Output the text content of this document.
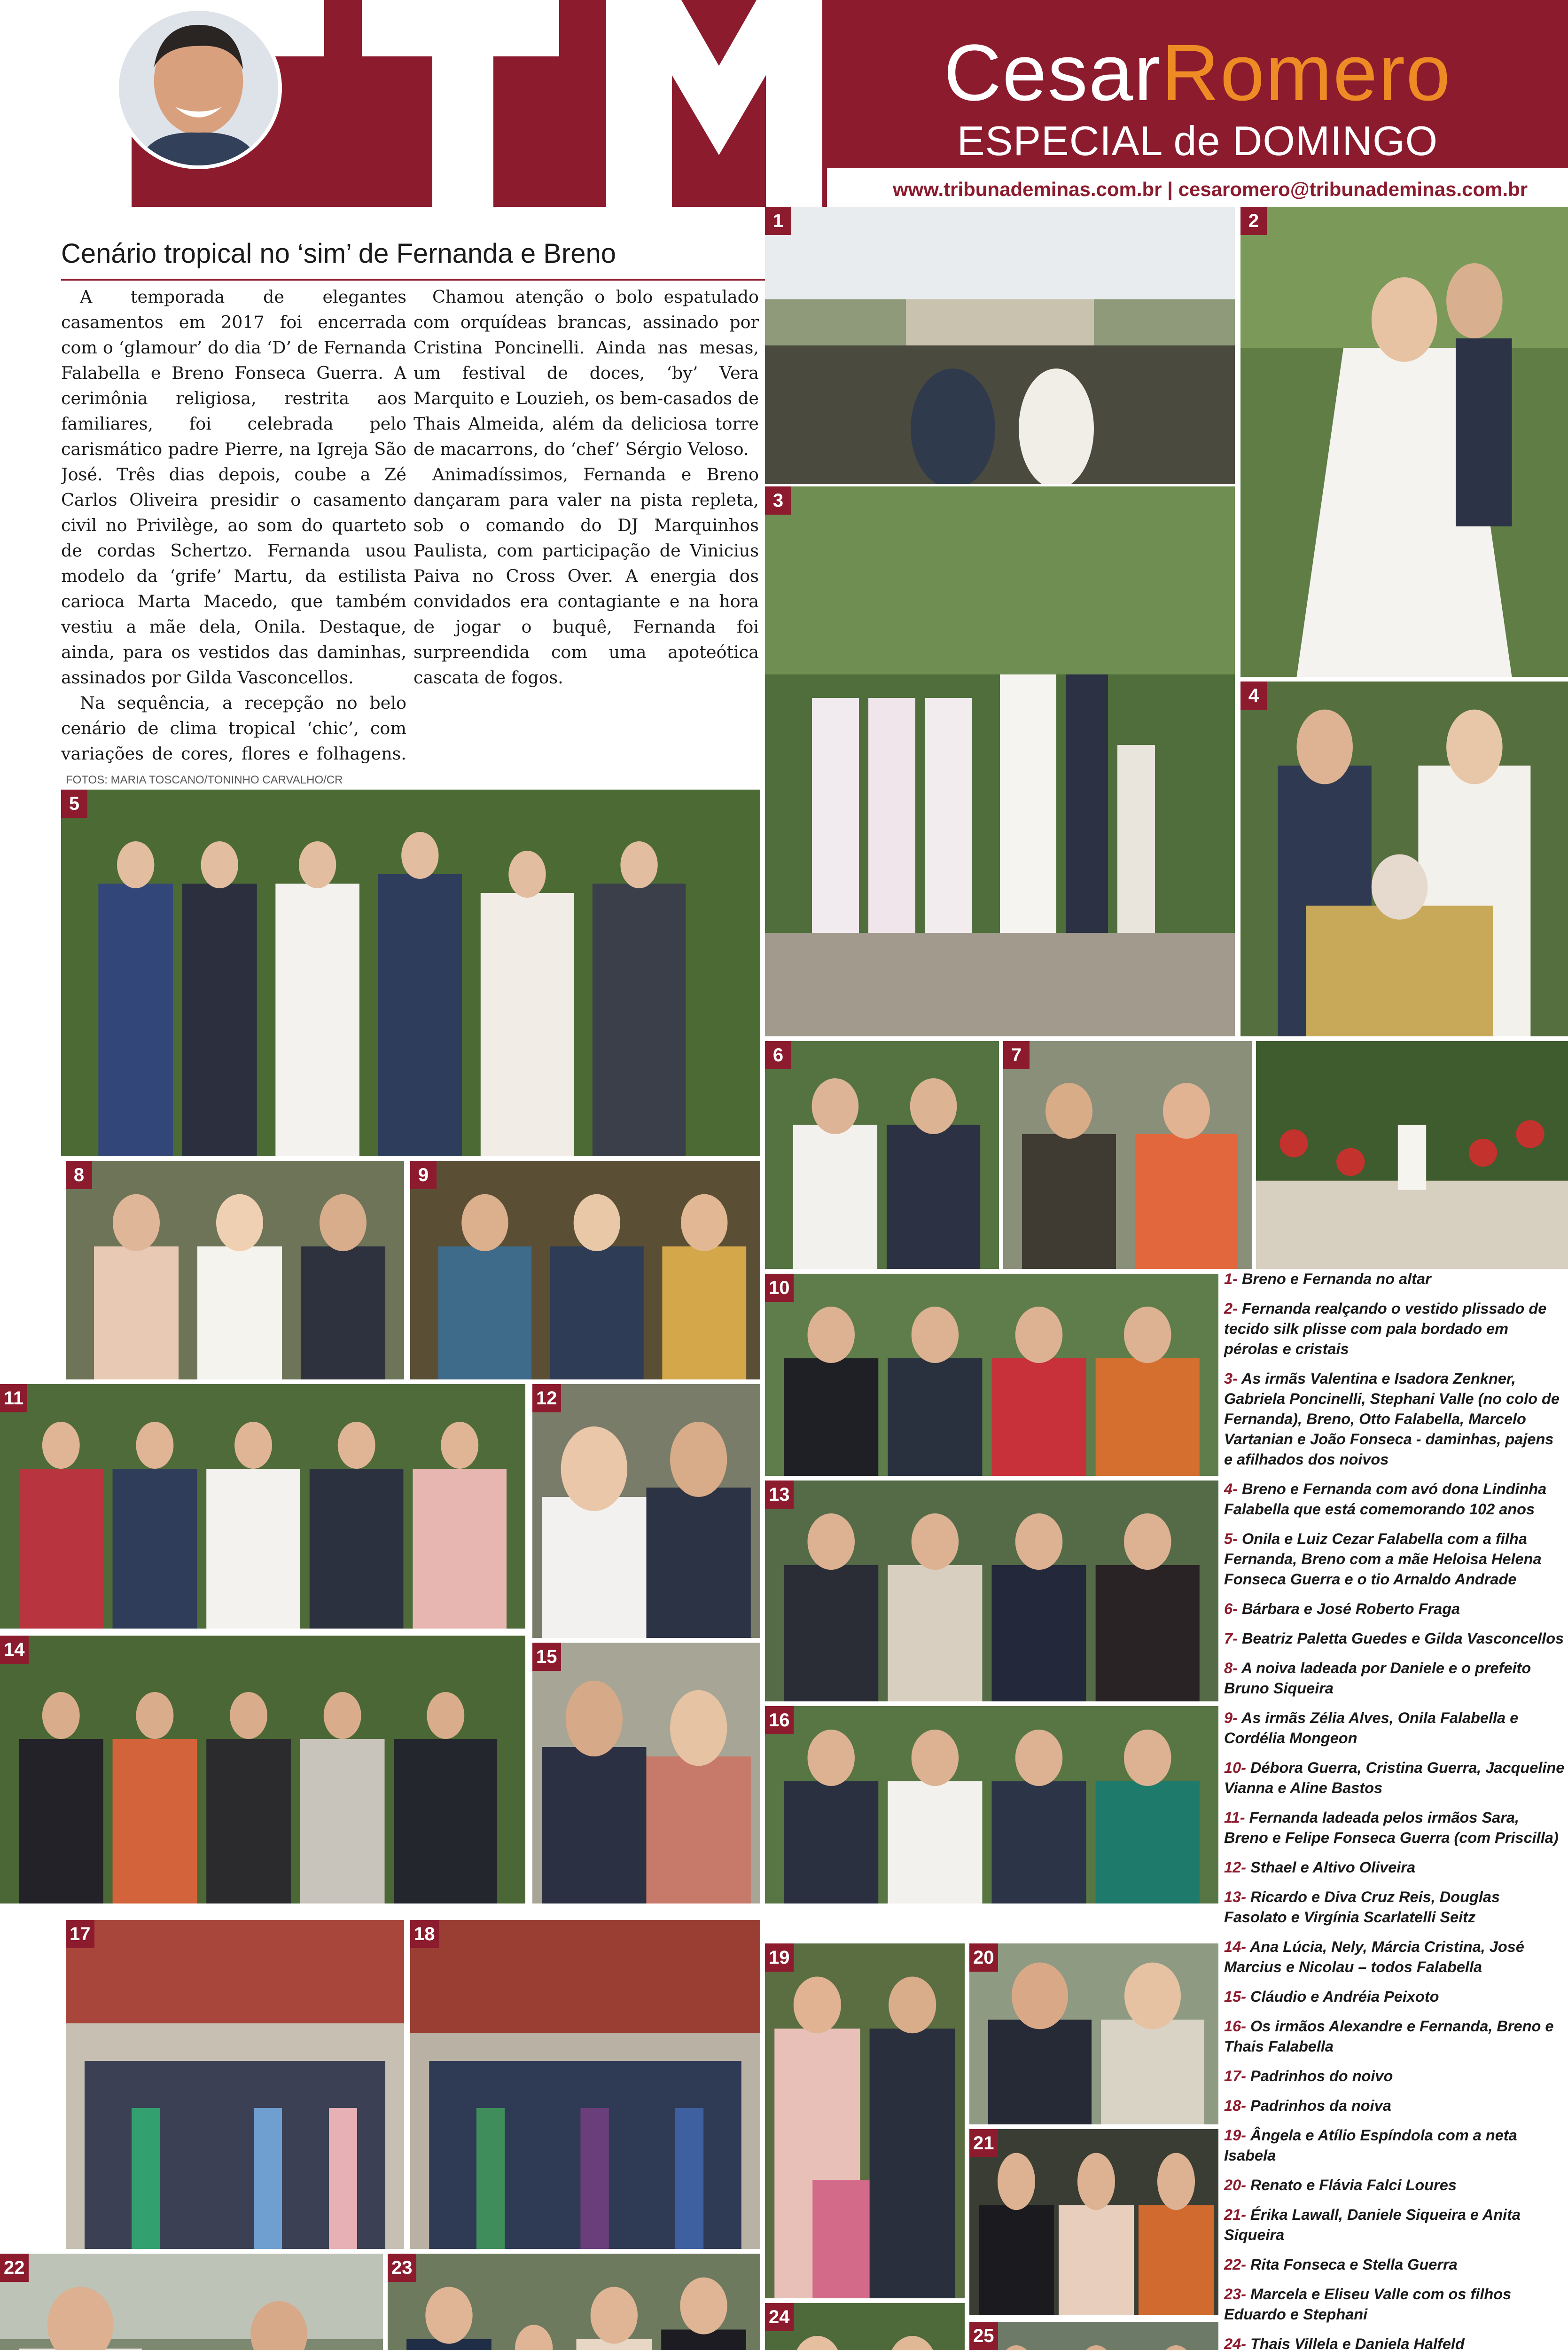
CesarRomero
ESPECIAL de DOMINGO
www.tribunademinas.com.br | cesaromero@tribunademinas.com.br
Cenário tropical no ‘sim’ de Fernanda e Breno

A temporada de elegantes casamentos em 2017 foi encerrada com o ‘glamour’ do dia ‘D’ de Fernanda Falabella e Breno Fonseca Guerra. A cerimônia religiosa, restrita aos familiares, foi celebrada pelo carismático padre Pierre, na Igreja São José. Três dias depois, coube a Zé Carlos Oliveira presidir o casamento civil no Privilège, ao som do quarteto de cordas Schertzo. Fernanda usou modelo da ‘grife’ Martu, da estilista carioca Marta Macedo, que também vestiu a mãe dela, Onila. Destaque, ainda, para os vestidos das daminhas, assinados por Gilda Vasconcellos.

Na sequência, a recepção no belo cenário de clima tropical ‘chic’, com variações de cores, flores e folhagens.

Chamou atenção o bolo espatulado com orquídeas brancas, assinado por Cristina Poncinelli. Ainda nas mesas, um festival de doces, ‘by’ Vera Marquito e Louzieh, os bem-casados de Thais Almeida, além da deliciosa torre de macarrons, do ‘chef’ Sérgio Veloso.

Animadíssimos, Fernanda e Breno dançaram para valer na pista repleta, sob o comando do DJ Marquinhos Paulista, com participação de Vinicius Paiva no Cross Over. A energia dos convidados era contagiante e na hora de jogar o buquê, Fernanda foi surpreendida com uma apoteótica cascata de fogos.

FOTOS: MARIA TOSCANO/TONINHO CARVALHO/CR
1	2
3
4
5
6	7
8	9
10
11	12
13
14	15
16
17	18
19	20
21
22	23
24
25

1- Breno e Fernanda no altar

2- Fernanda realçando o vestido plissado de tecido silk plisse com pala bordado em pérolas e cristais

3- As irmãs Valentina e Isadora Zenkner, Gabriela Poncinelli, Stephani Valle (no colo de Fernanda), Breno, Otto Falabella, Marcelo Vartanian e João Fonseca - daminhas, pajens e afilhados dos noivos

4- Breno e Fernanda com avó dona Lindinha Falabella que está comemorando 102 anos

5- Onila e Luiz Cezar Falabella com a filha Fernanda, Breno com a mãe Heloisa Helena Fonseca Guerra e o tio Arnaldo Andrade

6- Bárbara e José Roberto Fraga

7- Beatriz Paletta Guedes e Gilda Vasconcellos

8- A noiva ladeada por Daniele e o prefeito Bruno Siqueira

9- As irmãs Zélia Alves, Onila Falabella e Cordélia Mongeon

10- Débora Guerra, Cristina Guerra, Jacqueline Vianna e Aline Bastos

11- Fernanda ladeada pelos irmãos Sara, Breno e Felipe Fonseca Guerra (com Priscilla)

12- Sthael e Altivo Oliveira

13- Ricardo e Diva Cruz Reis, Douglas Fasolato e Virgínia Scarlatelli Seitz

14- Ana Lúcia, Nely, Márcia Cristina, José Marcius e Nicolau – todos Falabella

15- Cláudio e Andréia Peixoto

16- Os irmãos Alexandre e Fernanda, Breno e Thais Falabella

17- Padrinhos do noivo

18- Padrinhos da noiva

19- Ângela e Atílio Espíndola com a neta Isabela

20- Renato e Flávia Falci Loures

21- Érika Lawall, Daniele Siqueira e Anita Siqueira

22- Rita Fonseca e Stella Guerra

23- Marcela e Eliseu Valle com os filhos Eduardo e Stephani

24- Thais Villela e Daniela Halfeld
